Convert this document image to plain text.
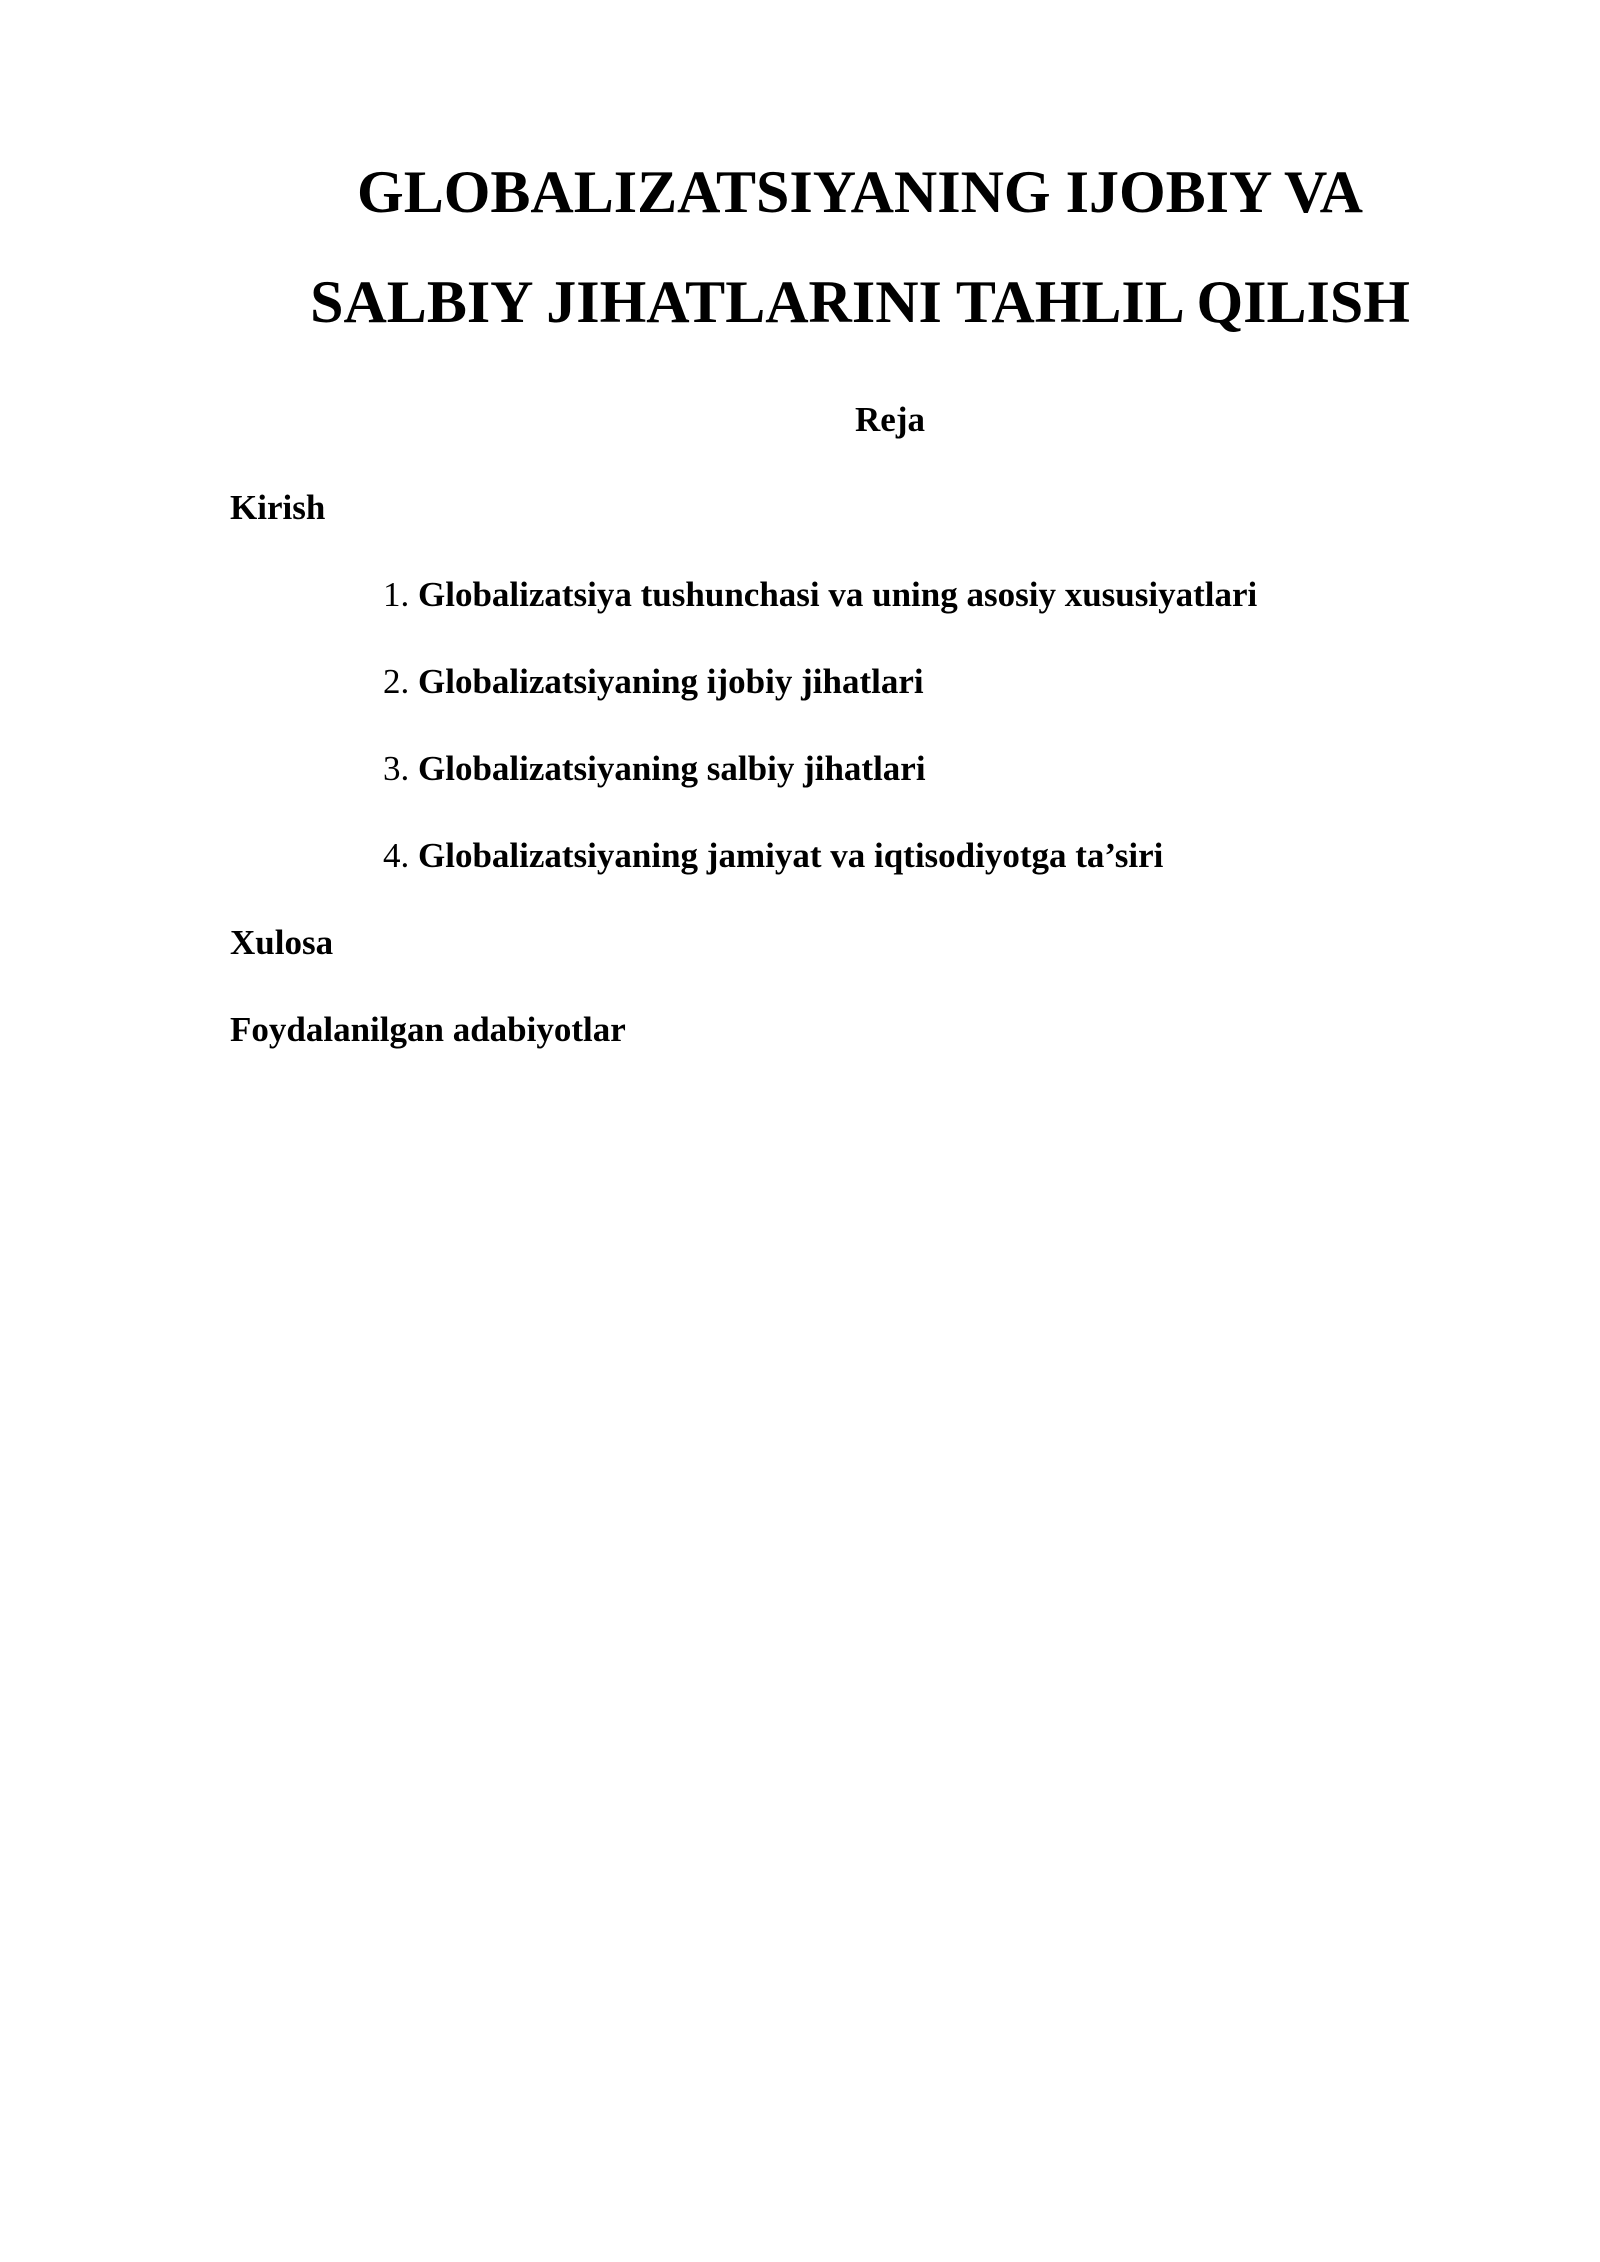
GLOBALIZATSIYANING IJOBIY VA
SALBIY JIHATLARINI TAHLIL QILISH
Reja

Kirish

1. Globalizatsiya tushunchasi va uning asosiy xususiyatlari
2. Globalizatsiyaning ijobiy jihatlari
3. Globalizatsiyaning salbiy jihatlari
4. Globalizatsiyaning jamiyat va iqtisodiyotga ta’siri

Xulosa

Foydalanilgan adabiyotlar
